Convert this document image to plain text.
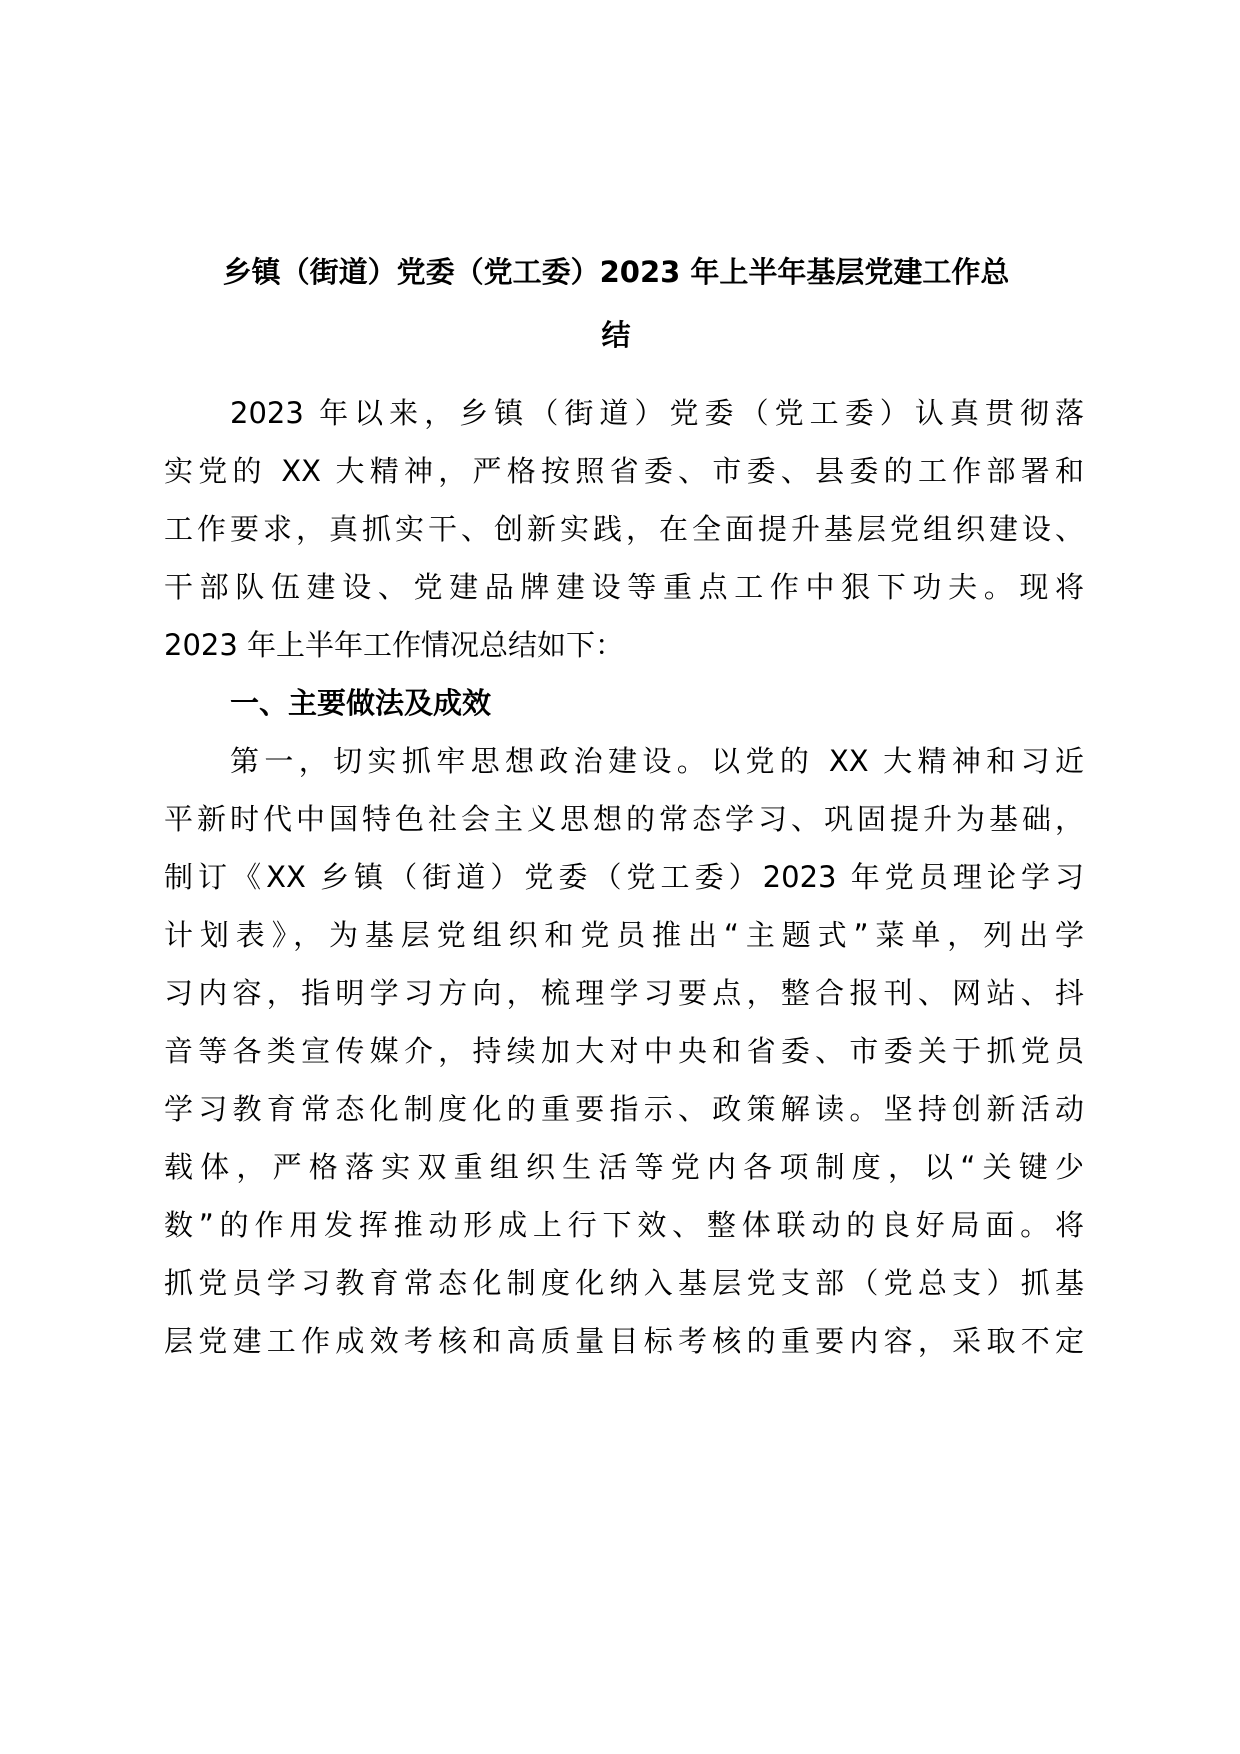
乡镇（街道）党委（党工委）2023 年上半年基层党建工作总
结
2023 年以来，乡镇（街道）党委（党工委）认真贯彻落
实党的 XX 大精神，严格按照省委、市委、县委的工作部署和
工作要求，真抓实干、创新实践，在全面提升基层党组织建设、
干部队伍建设、党建品牌建设等重点工作中狠下功夫。现将
2023 年上半年工作情况总结如下：
一、主要做法及成效
第一，切实抓牢思想政治建设。以党的 XX 大精神和习近
平新时代中国特色社会主义思想的常态学习、巩固提升为基础，
制订《XX 乡镇（街道）党委（党工委）2023 年党员理论学习
计划表》，为基层党组织和党员推出“主题式”菜单，列出学
习内容，指明学习方向，梳理学习要点，整合报刊、网站、抖
音等各类宣传媒介，持续加大对中央和省委、市委关于抓党员
学习教育常态化制度化的重要指示、政策解读。坚持创新活动
载体，严格落实双重组织生活等党内各项制度，以“关键少
数”的作用发挥推动形成上行下效、整体联动的良好局面。将
抓党员学习教育常态化制度化纳入基层党支部（党总支）抓基
层党建工作成效考核和高质量目标考核的重要内容，采取不定
